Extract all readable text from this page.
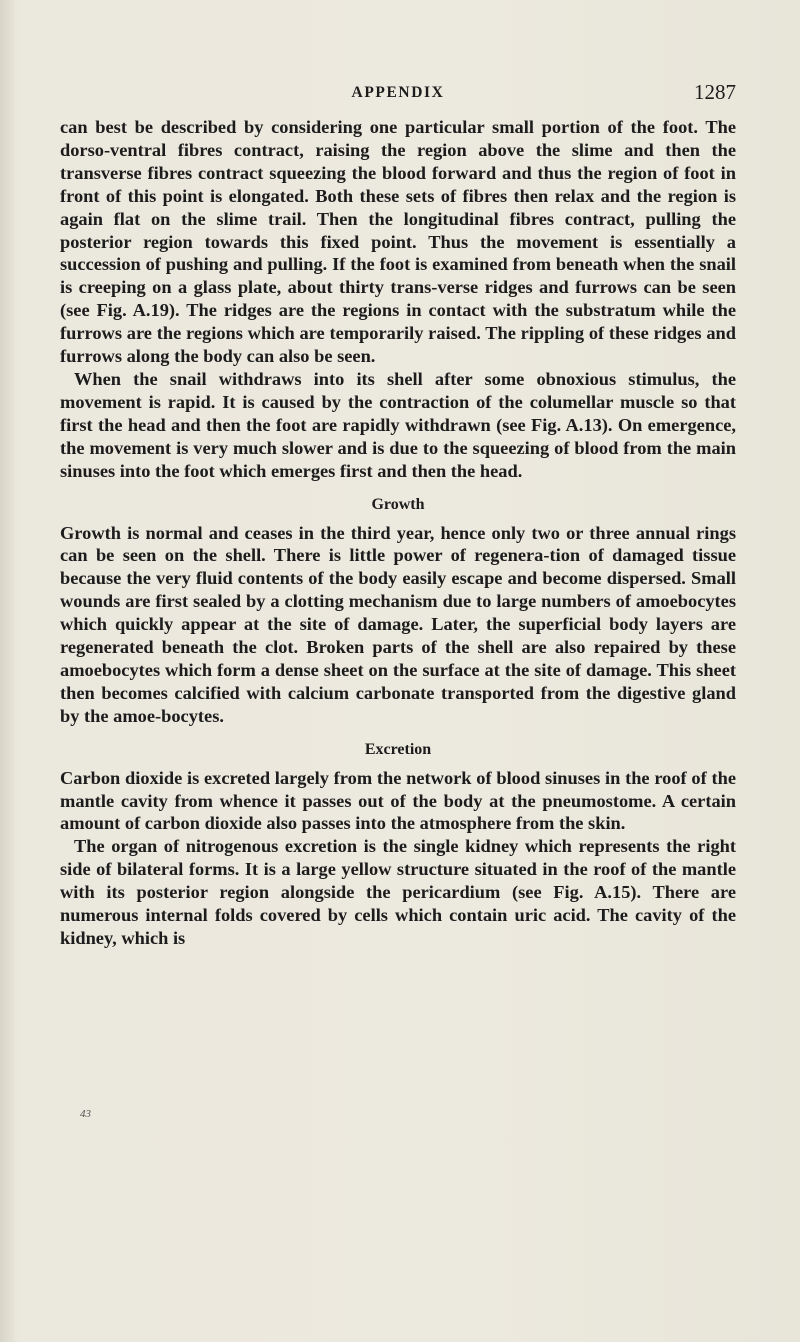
APPENDIX	1287

can best be described by considering one particular small portion of the foot. The dorso-ventral fibres contract, raising the region above the slime and then the transverse fibres contract squeezing the blood forward and thus the region of foot in front of this point is elongated. Both these sets of fibres then relax and the region is again flat on the slime trail. Then the longitudinal fibres contract, pulling the posterior region towards this fixed point. Thus the movement is essentially a succession of pushing and pulling. If the foot is examined from beneath when the snail is creeping on a glass plate, about thirty trans-verse ridges and furrows can be seen (see Fig. A.19). The ridges are the regions in contact with the substratum while the furrows are the regions which are temporarily raised. The rippling of these ridges and furrows along the body can also be seen.

When the snail withdraws into its shell after some obnoxious stimulus, the movement is rapid. It is caused by the contraction of the columellar muscle so that first the head and then the foot are rapidly withdrawn (see Fig. A.13). On emergence, the movement is very much slower and is due to the squeezing of blood from the main sinuses into the foot which emerges first and then the head.

Growth

Growth is normal and ceases in the third year, hence only two or three annual rings can be seen on the shell. There is little power of regenera-tion of damaged tissue because the very fluid contents of the body easily escape and become dispersed. Small wounds are first sealed by a clotting mechanism due to large numbers of amoebocytes which quickly appear at the site of damage. Later, the superficial body layers are regenerated beneath the clot. Broken parts of the shell are also repaired by these amoebocytes which form a dense sheet on the surface at the site of damage. This sheet then becomes calcified with calcium carbonate transported from the digestive gland by the amoe-bocytes.

Excretion

Carbon dioxide is excreted largely from the network of blood sinuses in the roof of the mantle cavity from whence it passes out of the body at the pneumostome. A certain amount of carbon dioxide also passes into the atmosphere from the skin.

The organ of nitrogenous excretion is the single kidney which represents the right side of bilateral forms. It is a large yellow structure situated in the roof of the mantle with its posterior region alongside the pericardium (see Fig. A.15). There are numerous internal folds covered by cells which contain uric acid. The cavity of the kidney, which is

43
